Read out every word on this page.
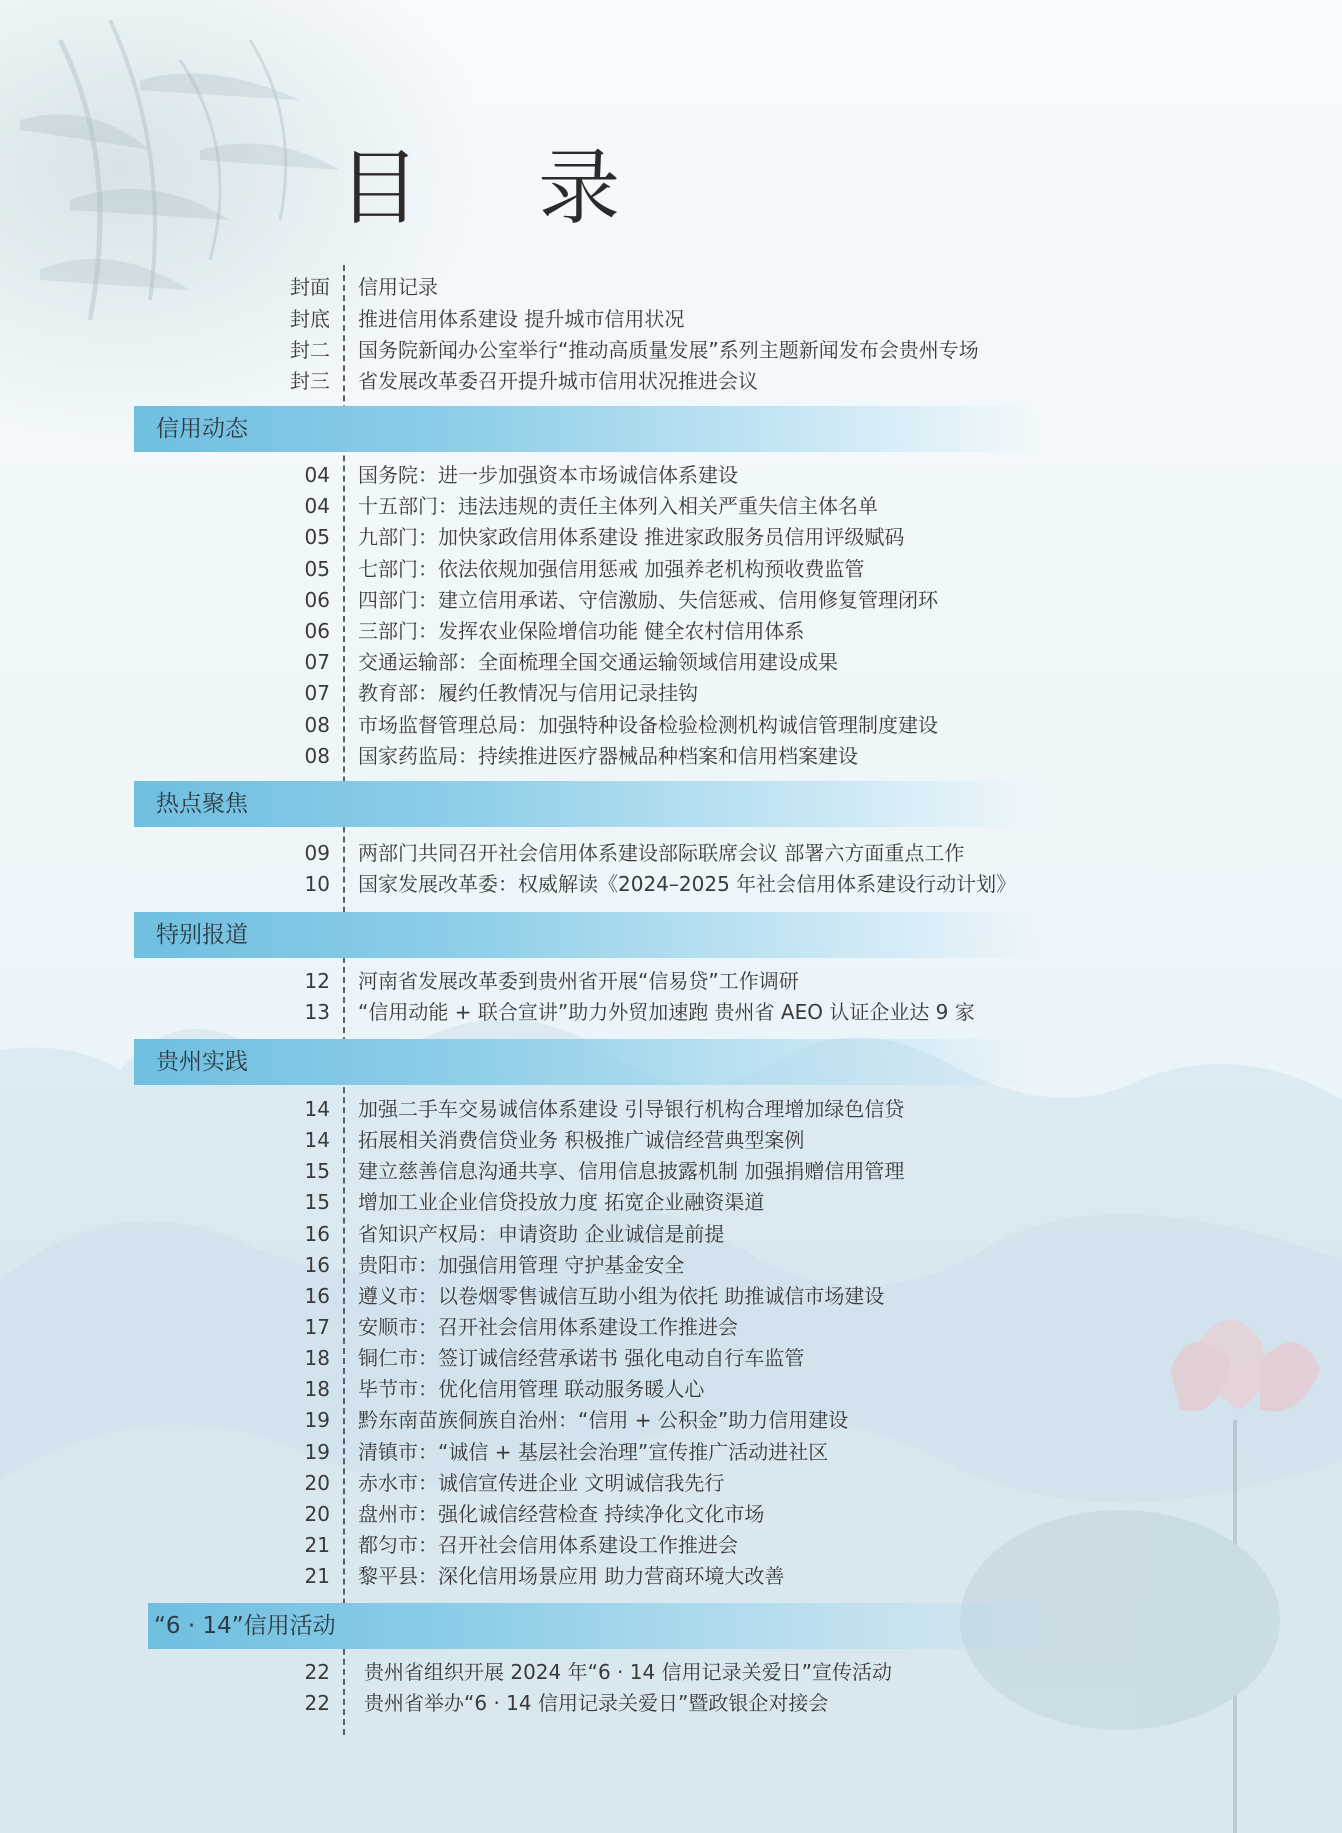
目 录
封面 信用记录
封底 推进信用体系建设 提升城市信用状况
封二 国务院新闻办公室举行“推动高质量发展”系列主题新闻发布会贵州专场
封三 省发展改革委召开提升城市信用状况推进会议
信用动态
04 国务院：进一步加强资本市场诚信体系建设
04 十五部门：违法违规的责任主体列入相关严重失信主体名单
05 九部门：加快家政信用体系建设 推进家政服务员信用评级赋码
05 七部门：依法依规加强信用惩戒 加强养老机构预收费监管
06 四部门：建立信用承诺、守信激励、失信惩戒、信用修复管理闭环
06 三部门：发挥农业保险增信功能 健全农村信用体系
07 交通运输部：全面梳理全国交通运输领域信用建设成果
07 教育部：履约任教情况与信用记录挂钩
08 市场监督管理总局：加强特种设备检验检测机构诚信管理制度建设
08 国家药监局：持续推进医疗器械品种档案和信用档案建设
热点聚焦
09 两部门共同召开社会信用体系建设部际联席会议 部署六方面重点工作
10 国家发展改革委：权威解读《2024–2025 年社会信用体系建设行动计划》
特别报道
12 河南省发展改革委到贵州省开展“信易贷”工作调研
13 “信用动能 + 联合宣讲”助力外贸加速跑 贵州省 AEO 认证企业达 9 家
贵州实践
14 加强二手车交易诚信体系建设 引导银行机构合理增加绿色信贷
14 拓展相关消费信贷业务 积极推广诚信经营典型案例
15 建立慈善信息沟通共享、信用信息披露机制 加强捐赠信用管理
15 增加工业企业信贷投放力度 拓宽企业融资渠道
16 省知识产权局：申请资助 企业诚信是前提
16 贵阳市：加强信用管理 守护基金安全
16 遵义市：以卷烟零售诚信互助小组为依托 助推诚信市场建设
17 安顺市：召开社会信用体系建设工作推进会
18 铜仁市：签订诚信经营承诺书 强化电动自行车监管
18 毕节市：优化信用管理 联动服务暖人心
19 黔东南苗族侗族自治州：“信用 + 公积金”助力信用建设
19 清镇市：“诚信 + 基层社会治理”宣传推广活动进社区
20 赤水市：诚信宣传进企业 文明诚信我先行
20 盘州市：强化诚信经营检查 持续净化文化市场
21 都匀市：召开社会信用体系建设工作推进会
21 黎平县：深化信用场景应用 助力营商环境大改善
“6 · 14”信用活动
22 贵州省组织开展 2024 年“6 · 14 信用记录关爱日”宣传活动
22 贵州省举办“6 · 14 信用记录关爱日”暨政银企对接会
